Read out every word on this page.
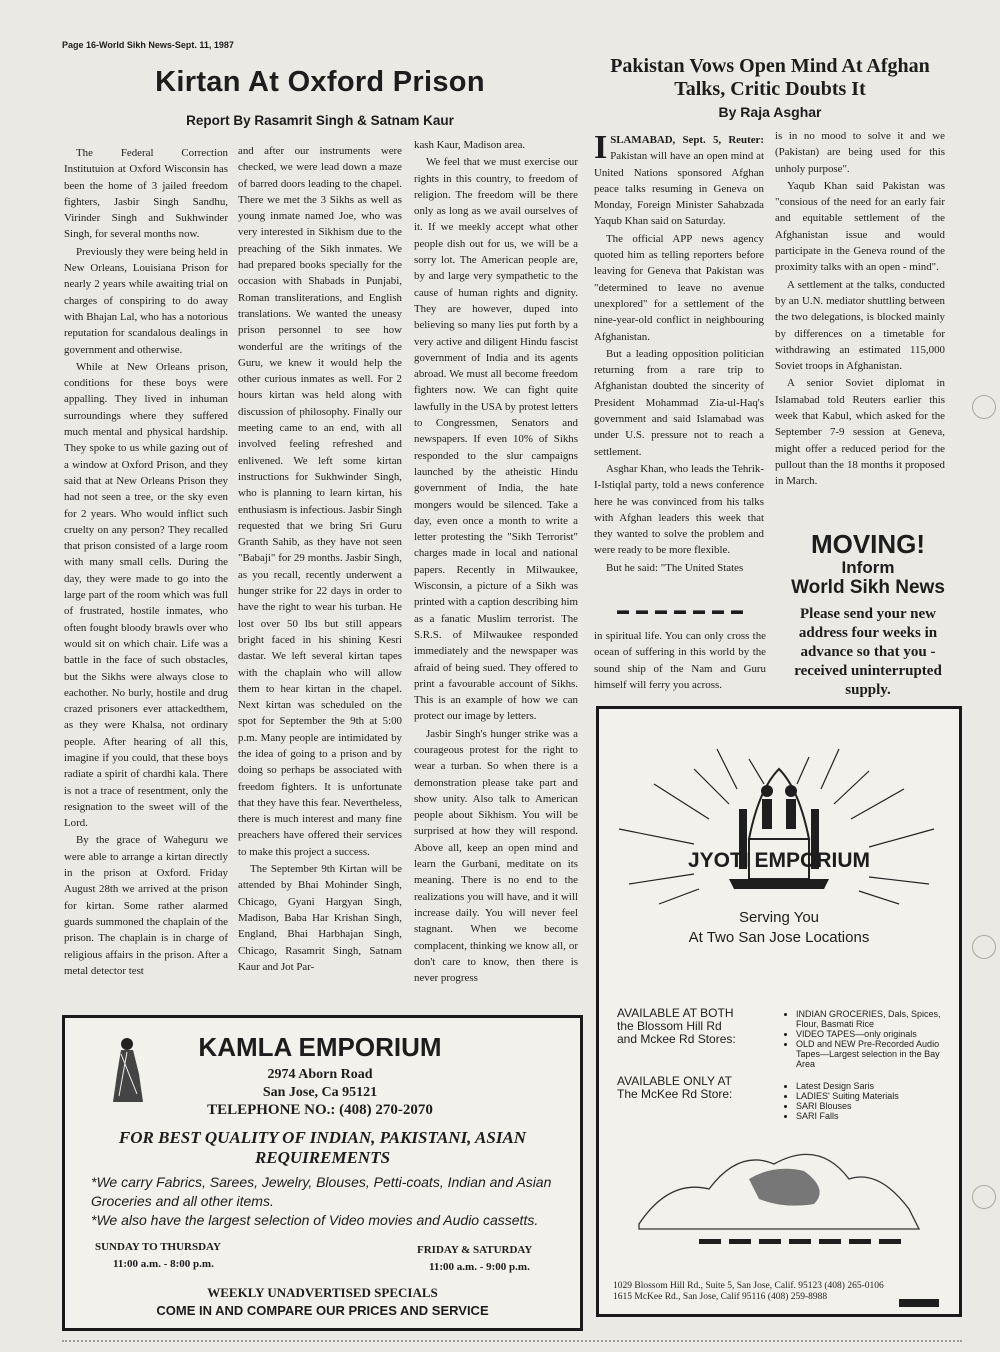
Page 16-World Sikh News-Sept. 11, 1987
Kirtan At Oxford Prison
Report By Rasamrit Singh & Satnam Kaur

The Federal Correction Institutuion at Oxford Wisconsin has been the home of 3 jailed freedom fighters, Jasbir Singh Sandhu, Virinder Singh and Sukhwinder Singh, for several months now.

Previously they were being held in New Orleans, Louisiana Prison for nearly 2 years while awaiting trial on charges of conspiring to do away with Bhajan Lal, who has a notorious reputation for scandalous dealings in government and otherwise.

While at New Orleans prison, conditions for these boys were appalling. They lived in inhuman surroundings where they suffered much mental and physical hardship. They spoke to us while gazing out of a window at Oxford Prison, and they said that at New Orleans Prison they had not seen a tree, or the sky even for 2 years. Who would inflict such cruelty on any person? They recalled that prison consisted of a large room with many small cells. During the day, they were made to go into the large part of the room which was full of frustrated, hostile inmates, who often fought bloody brawls over who would sit on which chair. Life was a battle in the face of such obstacles, but the Sikhs were always close to eachother. No burly, hostile and drug crazed prisoners ever attackedthem, as they were Khalsa, not ordinary people. After hearing of all this, imagine if you could, that these boys radiate a spirit of chardhi kala. There is not a trace of resentment, only the resignation to the sweet will of the Lord.

By the grace of Waheguru we were able to arrange a kirtan directly in the prison at Oxford. Friday August 28th we arrived at the prison for kirtan. Some rather alarmed guards summoned the chaplain of the prison. The chaplain is in charge of religious affairs in the prison. After a metal detector test

and after our instruments were checked, we were lead down a maze of barred doors leading to the chapel. There we met the 3 Sikhs as well as young inmate named Joe, who was very interested in Sikhism due to the preaching of the Sikh inmates. We had prepared books specially for the occasion with Shabads in Punjabi, Roman transliterations, and English translations. We wanted the uneasy prison personnel to see how wonderful are the writings of the Guru, we knew it would help the other curious inmates as well. For 2 hours kirtan was held along with discussion of philosophy. Finally our meeting came to an end, with all involved feeling refreshed and enlivened. We left some kirtan instructions for Sukhwinder Singh, who is planning to learn kirtan, his enthusiasm is infectious. Jasbir Singh requested that we bring Sri Guru Granth Sahib, as they have not seen "Babaji" for 29 months. Jasbir Singh, as you recall, recently underwent a hunger strike for 22 days in order to have the right to wear his turban. He lost over 50 lbs but still appears bright faced in his shining Kesri dastar. We left several kirtan tapes with the chaplain who will allow them to hear kirtan in the chapel. Next kirtan was scheduled on the spot for September the 9th at 5:00 p.m. Many people are intimidated by the idea of going to a prison and by doing so perhaps be associated with freedom fighters. It is unfortunate that they have this fear. Nevertheless, there is much interest and many fine preachers have offered their services to make this project a success.

The September 9th Kirtan will be attended by Bhai Mohinder Singh, Chicago, Gyani Hargyan Singh, Madison, Baba Har Krishan Singh, England, Bhai Harbhajan Singh, Chicago, Rasamrit Singh, Satnam Kaur and Jot Par-

kash Kaur, Madison area.

We feel that we must exercise our rights in this country, to freedom of religion. The freedom will be there only as long as we avail ourselves of it. If we meekly accept what other people dish out for us, we will be a sorry lot. The American people are, by and large very sympathetic to the cause of human rights and dignity. They are however, duped into believing so many lies put forth by a very active and diligent Hindu fascist government of India and its agents abroad. We must all become freedom fighters now. We can fight quite lawfully in the USA by protest letters to Congressmen, Senators and newspapers. If even 10% of Sikhs responded to the slur campaigns launched by the atheistic Hindu government of India, the hate mongers would be silenced. Take a day, even once a month to write a letter protesting the "Sikh Terrorist" charges made in local and national papers. Recently in Milwaukee, Wisconsin, a picture of a Sikh was printed with a caption describing him as a fanatic Muslim terrorist. The S.R.S. of Milwaukee responded immediately and the newspaper was afraid of being sued. They offered to print a favourable account of Sikhs. This is an example of how we can protect our image by letters.

Jasbir Singh's hunger strike was a courageous protest for the right to wear a turban. So when there is a demonstration please take part and show unity. Also talk to American people about Sikhism. You will be surprised at how they will respond. Above all, keep an open mind and learn the Gurbani, meditate on its meaning. There is no end to the realizations you will have, and it will increase daily. You will never feel stagnant. When we become complacent, thinking we know all, or don't care to know, then there is never progress

Pakistan Vows Open Mind At Afghan Talks, Critic Doubts It
By Raja Asghar

ISLAMABAD, Sept. 5, Reuter: Pakistan will have an open mind at United Nations sponsored Afghan peace talks resuming in Geneva on Monday, Foreign Minister Sahabzada Yaqub Khan said on Saturday.

The official APP news agency quoted him as telling reporters before leaving for Geneva that Pakistan was "determined to leave no avenue unexplored" for a settlement of the nine-year-old conflict in neighbouring Afghanistan.

But a leading opposition politician returning from a rare trip to Afghanistan doubted the sincerity of President Mohammad Zia-ul-Haq's government and said Islamabad was under U.S. pressure not to reach a settlement.

Asghar Khan, who leads the Tehrik-I-Istiqlal party, told a news conference here he was convinced from his talks with Afghan leaders this week that they wanted to solve the problem and were ready to be more flexible.

But he said: "The United States

is in no mood to solve it and we (Pakistan) are being used for this unholy purpose".

Yaqub Khan said Pakistan was "consious of the need for an early fair and equitable settlement of the Afghanistan issue and would participate in the Geneva round of the proximity talks with an open - mind".

A settlement at the talks, conducted by an U.N. mediator shuttling between the two delegations, is blocked mainly by differences on a timetable for withdrawing an estimated 115,000 Soviet troops in Afghanistan.

A senior Soviet diplomat in Islamabad told Reuters earlier this week that Kabul, which asked for the September 7-9 session at Geneva, might offer a reduced period for the pullout than the 18 months it proposed in March.

▬ ▬ ▬ ▬ ▬ ▬ ▬

in spiritual life. You can only cross the ocean of suffering in this world by the sound ship of the Nam and Guru himself will ferry you across.

MOVING!
Inform
World Sikh News
Please send your new address four weeks in advance so that you - received uninterrupted supply.
JYOTI EMPORIUM
Serving You
At Two San Jose Locations
AVAILABLE AT BOTH
the Blossom Hill Rd
and Mckee Rd Stores:
AVAILABLE ONLY AT
The McKee Rd Store:
• INDIAN GROCERIES, Dals, Spices, Flour, Basmati Rice
• VIDEO TAPES—only originals
• OLD and NEW Pre-Recorded Audio Tapes—Largest selection in the Bay Area
• Latest Design Saris
• LADIES' Suiting Materials
• SARI Blouses
• SARI Falls
1029 Blossom Hill Rd., Suite 5, San Jose, Calif. 95123 (408) 265-0106
1615 McKee Rd., San Jose, Calif 95116 (408) 259-8988
KAMLA EMPORIUM
2974 Aborn Road
San Jose, Ca 95121
TELEPHONE NO.: (408) 270-2070
FOR BEST QUALITY OF INDIAN, PAKISTANI, ASIAN
REQUIREMENTS
*We carry Fabrics, Sarees, Jewelry, Blouses, Petti-coats, Indian and Asian Groceries and all other items.
*We also have the largest selection of Video movies and Audio cassetts.
SUNDAY TO THURSDAY
11:00 a.m. - 8:00 p.m.
FRIDAY & SATURDAY
11:00 a.m. - 9:00 p.m.
WEEKLY UNADVERTISED SPECIALS
COME IN AND COMPARE OUR PRICES AND SERVICE
